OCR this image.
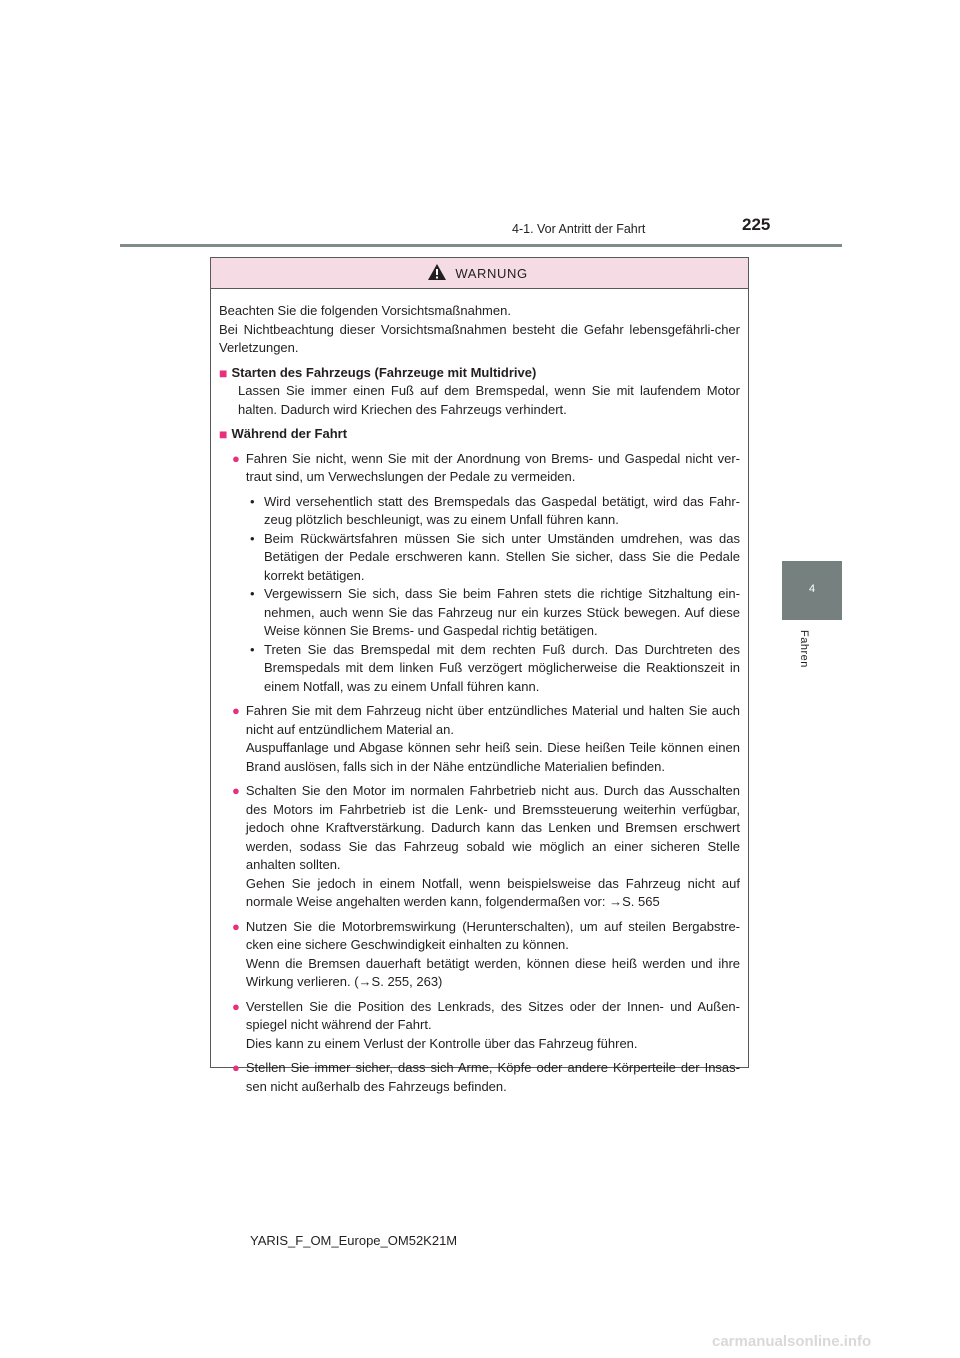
4-1. Vor Antritt der Fahrt	225
4
Fahren
WARNUNG

Beachten Sie die folgenden Vorsichtsmaßnahmen.
Bei Nichtbeachtung dieser Vorsichtsmaßnahmen besteht die Gefahr lebensgefährli-cher Verletzungen.

■ Starten des Fahrzeugs (Fahrzeuge mit Multidrive)

Lassen Sie immer einen Fuß auf dem Bremspedal, wenn Sie mit laufendem Motor halten. Dadurch wird Kriechen des Fahrzeugs verhindert.

■ Während der Fahrt
● Fahren Sie nicht, wenn Sie mit der Anordnung von Brems- und Gaspedal nicht ver-traut sind, um Verwechslungen der Pedale zu vermeiden.
• Wird versehentlich statt des Bremspedals das Gaspedal betätigt, wird das Fahr-zeug plötzlich beschleunigt, was zu einem Unfall führen kann.
• Beim Rückwärtsfahren müssen Sie sich unter Umständen umdrehen, was das Betätigen der Pedale erschweren kann. Stellen Sie sicher, dass Sie die Pedale korrekt betätigen.
• Vergewissern Sie sich, dass Sie beim Fahren stets die richtige Sitzhaltung ein-nehmen, auch wenn Sie das Fahrzeug nur ein kurzes Stück bewegen. Auf diese Weise können Sie Brems- und Gaspedal richtig betätigen.
• Treten Sie das Bremspedal mit dem rechten Fuß durch. Das Durchtreten des Bremspedals mit dem linken Fuß verzögert möglicherweise die Reaktionszeit in einem Notfall, was zu einem Unfall führen kann.
● Fahren Sie mit dem Fahrzeug nicht über entzündliches Material und halten Sie auch nicht auf entzündlichem Material an.
Auspuffanlage und Abgase können sehr heiß sein. Diese heißen Teile können einen Brand auslösen, falls sich in der Nähe entzündliche Materialien befinden.
● Schalten Sie den Motor im normalen Fahrbetrieb nicht aus. Durch das Ausschalten des Motors im Fahrbetrieb ist die Lenk- und Bremssteuerung weiterhin verfügbar, jedoch ohne Kraftverstärkung. Dadurch kann das Lenken und Bremsen erschwert werden, sodass Sie das Fahrzeug sobald wie möglich an einer sicheren Stelle anhalten sollten.
Gehen Sie jedoch in einem Notfall, wenn beispielsweise das Fahrzeug nicht auf normale Weise angehalten werden kann, folgendermaßen vor: →S. 565
● Nutzen Sie die Motorbremswirkung (Herunterschalten), um auf steilen Bergabstre-cken eine sichere Geschwindigkeit einhalten zu können.
Wenn die Bremsen dauerhaft betätigt werden, können diese heiß werden und ihre Wirkung verlieren. (→S. 255, 263)
● Verstellen Sie die Position des Lenkrads, des Sitzes oder der Innen- und Außen-spiegel nicht während der Fahrt.
Dies kann zu einem Verlust der Kontrolle über das Fahrzeug führen.
● Stellen Sie immer sicher, dass sich Arme, Köpfe oder andere Körperteile der Insas-sen nicht außerhalb des Fahrzeugs befinden.
YARIS_F_OM_Europe_OM52K21M
carmanualsonline.info
